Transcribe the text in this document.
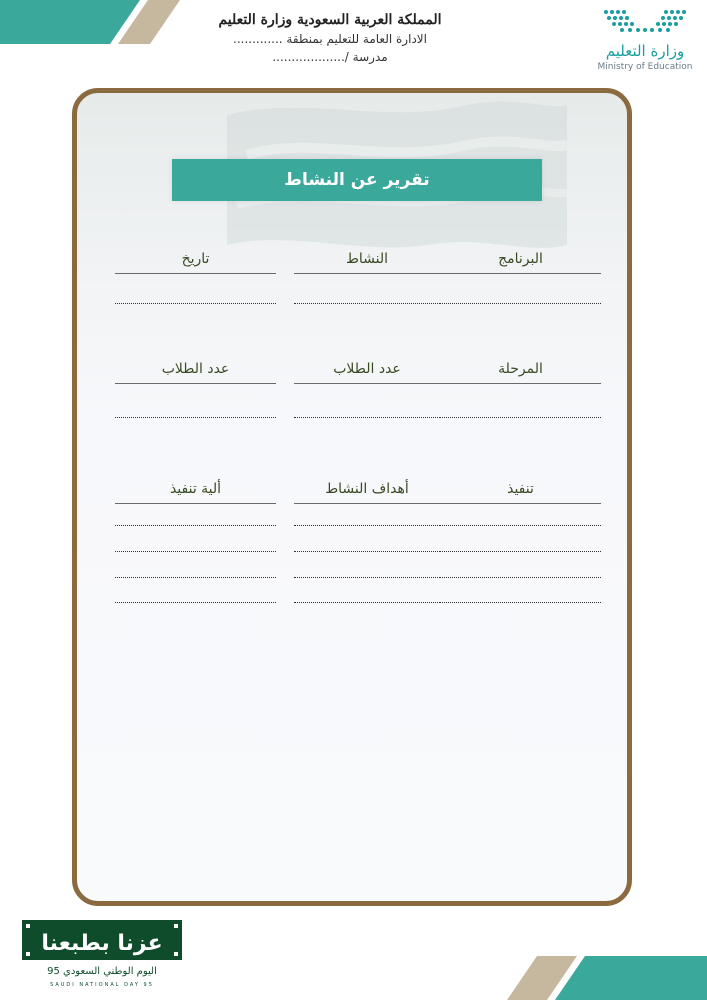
المملكة العربية السعودية وزارة التعليم
الادارة العامة للتعليم بمنطقة .............
مدرسة /...................	وزارة التعليم
Ministry of Education
تقرير عن النشاط
البرنامج
النشاط
تاريخ
المرحلة
عدد الطلاب
عدد الطلاب
تنفيذ
أهداف النشاط
ألية تنفيذ
عزنا بطبعنا
اليوم الوطني السعودي 95
SAUDI NATIONAL DAY 95
